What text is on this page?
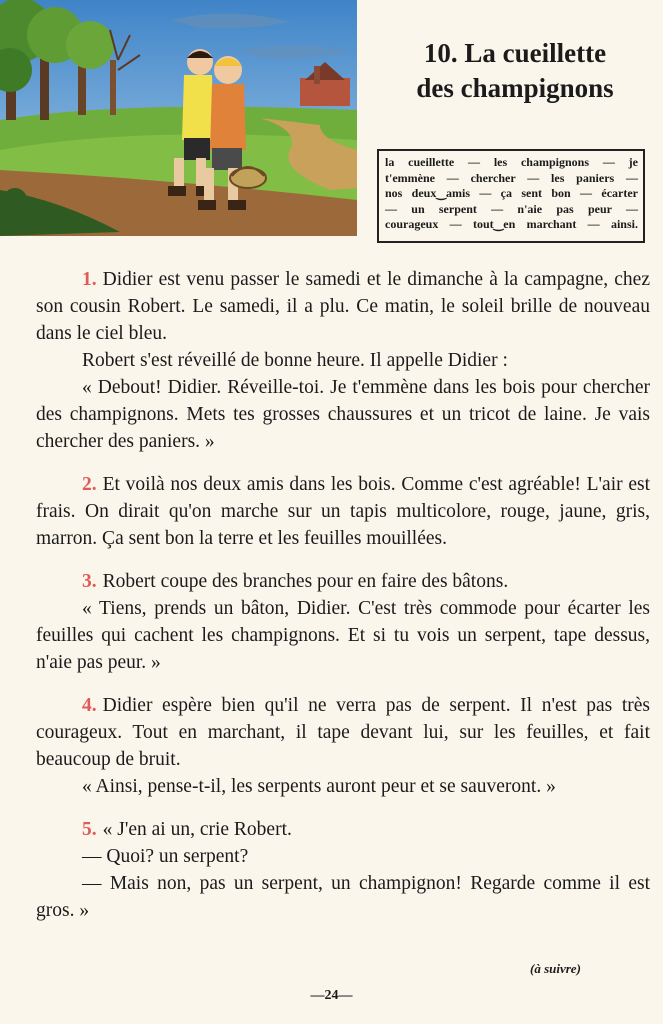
10. La cueillette
des champignons
la cueillette — les champignons — je
t'emmène — chercher — les paniers —
nos deux‿amis — ça sent bon — écarter
— un serpent — n'aie pas peur —
courageux — tout‿en marchant — ainsi.

1. Didier est venu passer le samedi et le dimanche à la campagne, chez son cousin Robert. Le samedi, il a plu. Ce matin, le soleil brille de nouveau dans le ciel bleu.

Robert s'est réveillé de bonne heure. Il appelle Didier :

« Debout! Didier. Réveille-toi. Je t'emmène dans les bois pour chercher des champignons. Mets tes grosses chaussures et un tricot de laine. Je vais chercher des paniers. »

2. Et voilà nos deux amis dans les bois. Comme c'est agréable! L'air est frais. On dirait qu'on marche sur un tapis multicolore, rouge, jaune, gris, marron. Ça sent bon la terre et les feuilles mouillées.

3. Robert coupe des branches pour en faire des bâtons.

« Tiens, prends un bâton, Didier. C'est très commode pour écarter les feuilles qui cachent les champignons. Et si tu vois un serpent, tape dessus, n'aie pas peur. »

4. Didier espère bien qu'il ne verra pas de serpent. Il n'est pas très courageux. Tout en marchant, il tape devant lui, sur les feuilles, et fait beaucoup de bruit.

« Ainsi, pense-t-il, les serpents auront peur et se sauveront. »

5. « J'en ai un, crie Robert.

— Quoi? un serpent?

— Mais non, pas un serpent, un champignon! Regarde comme il est gros. »

(à suivre)
—24—
